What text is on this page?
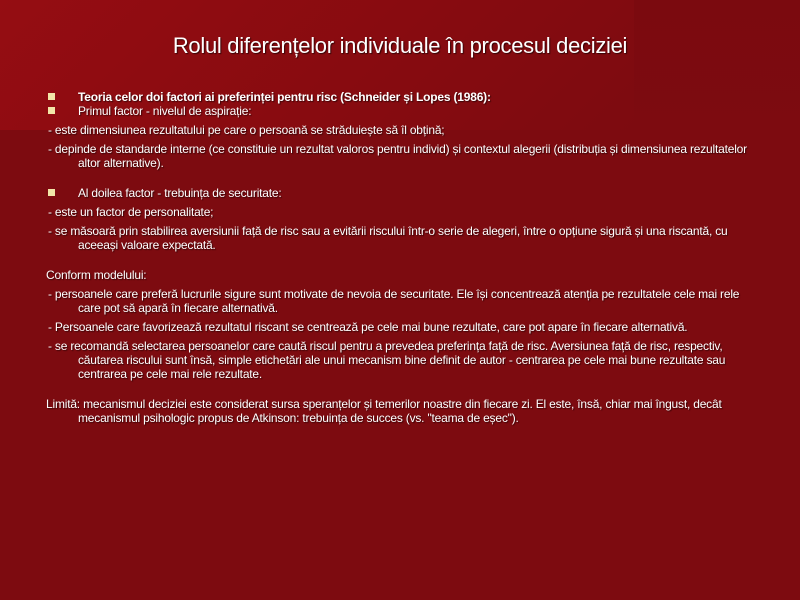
Rolul diferențelor individuale în procesul deciziei
Teoria celor doi factori ai preferinței pentru risc (Schneider și Lopes (1986):
Primul factor - nivelul de aspirație:
- este dimensiunea rezultatului pe care o persoană se străduiește să îl obțină;
- depinde de standarde interne (ce constituie un rezultat valoros pentru individ) și contextul alegerii (distribuția și dimensiunea rezultatelor altor alternative).
Al doilea factor - trebuința de securitate:
- este un factor de personalitate;
- se măsoară prin stabilirea aversiunii față de risc sau a evitării riscului într-o serie de alegeri, între o opțiune sigură și una riscantă, cu aceeași valoare expectată.
Conform modelului:
- persoanele care preferă lucrurile sigure sunt motivate de nevoia de securitate. Ele își concentrează atenția pe rezultatele cele mai rele care pot să apară în fiecare alternativă.
- Persoanele care favorizează rezultatul riscant se centrează pe cele mai bune rezultate, care pot apare în fiecare alternativă.
- se recomandă selectarea persoanelor care caută riscul pentru a prevedea preferința față de risc. Aversiunea față de risc, respectiv, căutarea riscului sunt însă, simple etichetări ale unui mecanism bine definit de autor - centrarea pe cele mai bune rezultate sau centrarea pe cele mai rele rezultate.
Limită: mecanismul deciziei este considerat sursa speranțelor și temerilor noastre din fiecare zi. El este, însă, chiar mai îngust, decât mecanismul psihologic propus de Atkinson: trebuința de succes (vs. "teama de eșec").
